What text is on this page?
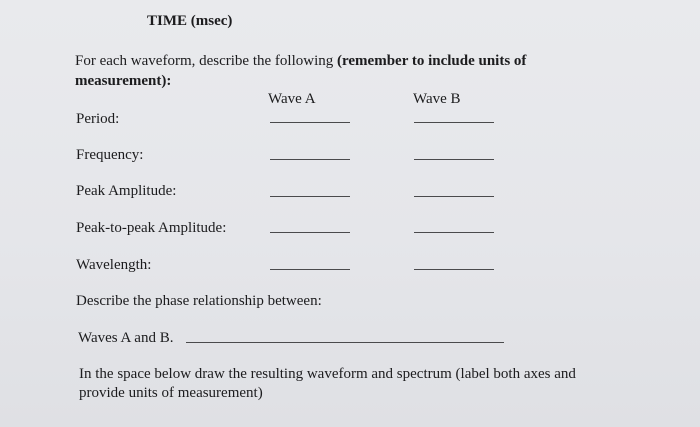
TIME (msec)
For each waveform, describe the following (remember to include units of measurement):
Wave A	Wave B
Period:
Frequency:
Peak Amplitude:
Peak-to-peak Amplitude:
Wavelength:
Describe the phase relationship between:
Waves A and B.
In the space below draw the resulting waveform and spectrum (label both axes and provide units of measurement)
